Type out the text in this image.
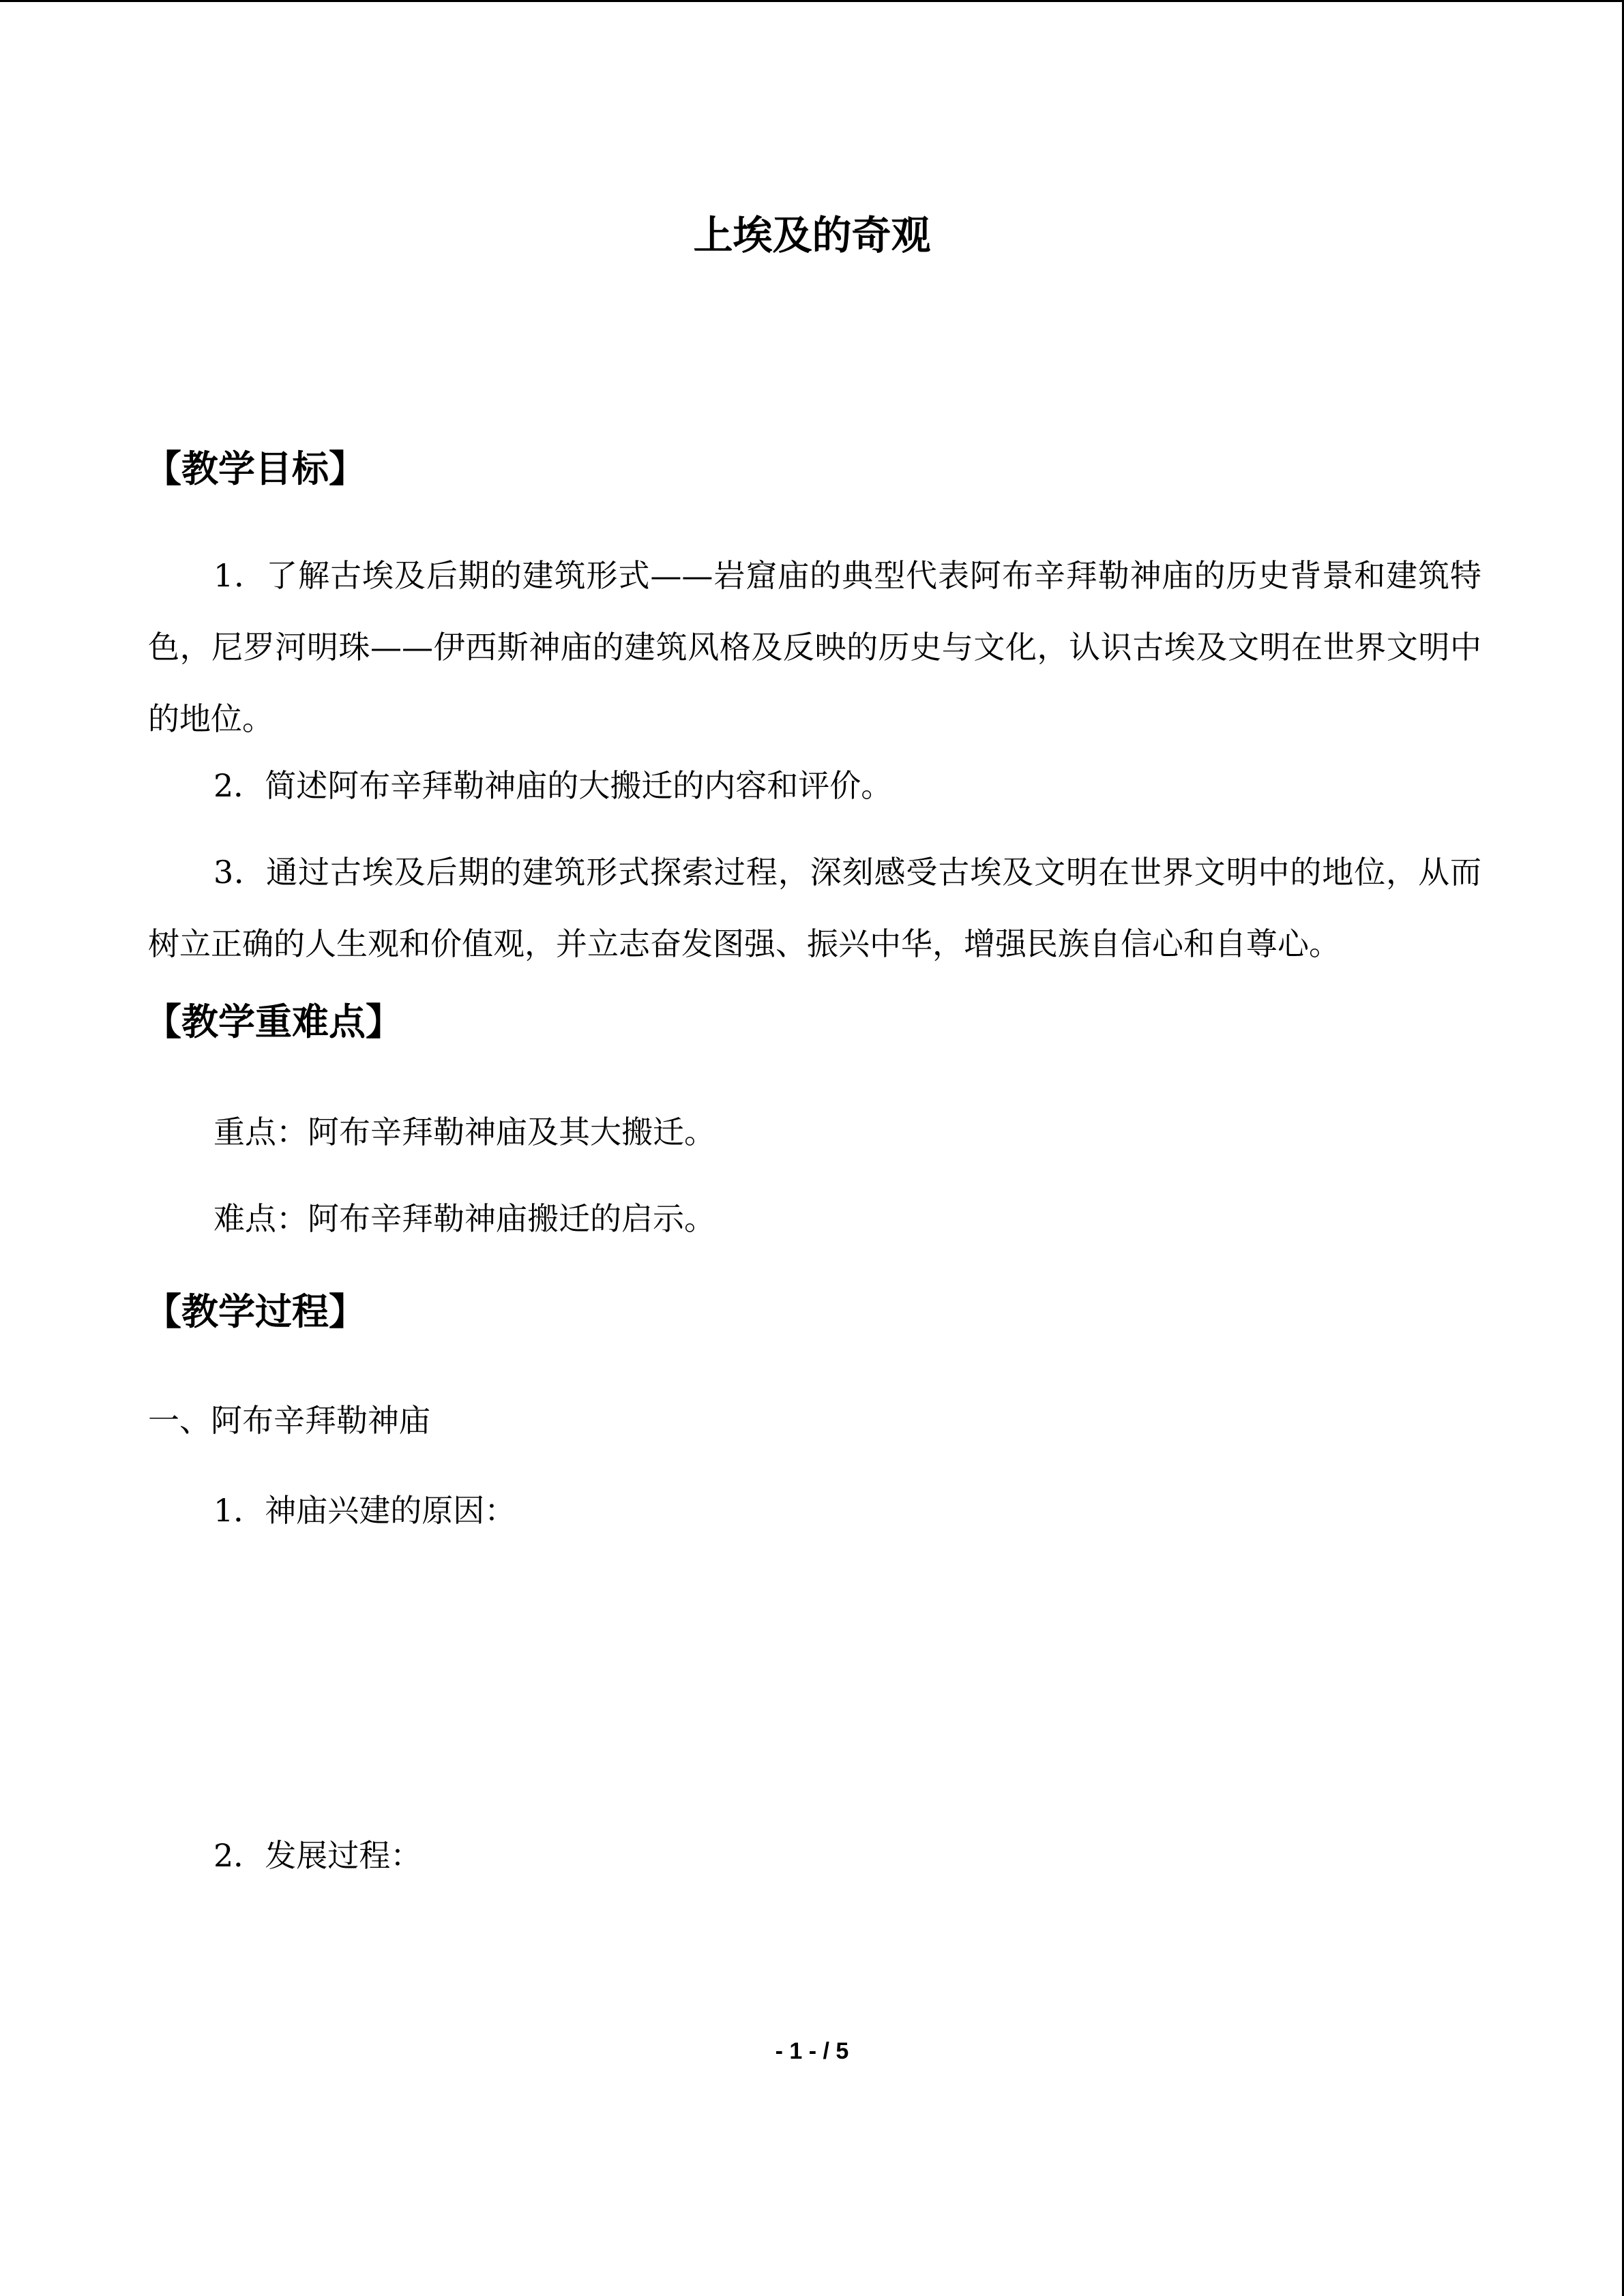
上埃及的奇观
【教学目标】
1．了解古埃及后期的建筑形式——岩窟庙的典型代表阿布辛拜勒神庙的历史背景和建筑特色，尼罗河明珠——伊西斯神庙的建筑风格及反映的历史与文化，认识古埃及文明在世界文明中的地位。
2．简述阿布辛拜勒神庙的大搬迁的内容和评价。
3．通过古埃及后期的建筑形式探索过程，深刻感受古埃及文明在世界文明中的地位，从而树立正确的人生观和价值观，并立志奋发图强、振兴中华，增强民族自信心和自尊心。
【教学重难点】
重点：阿布辛拜勒神庙及其大搬迁。
难点：阿布辛拜勒神庙搬迁的启示。
【教学过程】
一、阿布辛拜勒神庙
1．神庙兴建的原因：
2．发展过程：
- 1 - / 5
